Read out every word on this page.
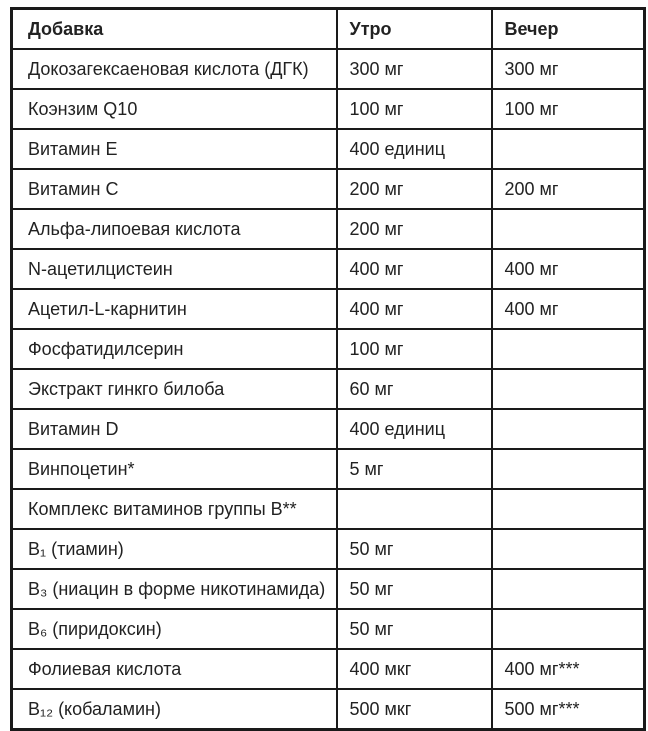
Добавка	Утро	Вечер
Докозагексаеновая кислота (ДГК)	300 мг	300 мг
Коэнзим Q10	100 мг	100 мг
Витамин E	400 единиц	
Витамин C	200 мг	200 мг
Альфа-липоевая кислота	200 мг	
N-ацетилцистеин	400 мг	400 мг
Ацетил-L-карнитин	400 мг	400 мг
Фосфатидилсерин	100 мг	
Экстракт гинкго билоба	60 мг	
Витамин D	400 единиц	
Винпоцетин*	5 мг	
Комплекс витаминов группы B**		
B₁ (тиамин)	50 мг	
B₃ (ниацин в форме никотинамида)	50 мг	
B₆ (пиридоксин)	50 мг	
Фолиевая кислота	400 мкг	400 мг***
B₁₂ (кобаламин)	500 мкг	500 мг***
